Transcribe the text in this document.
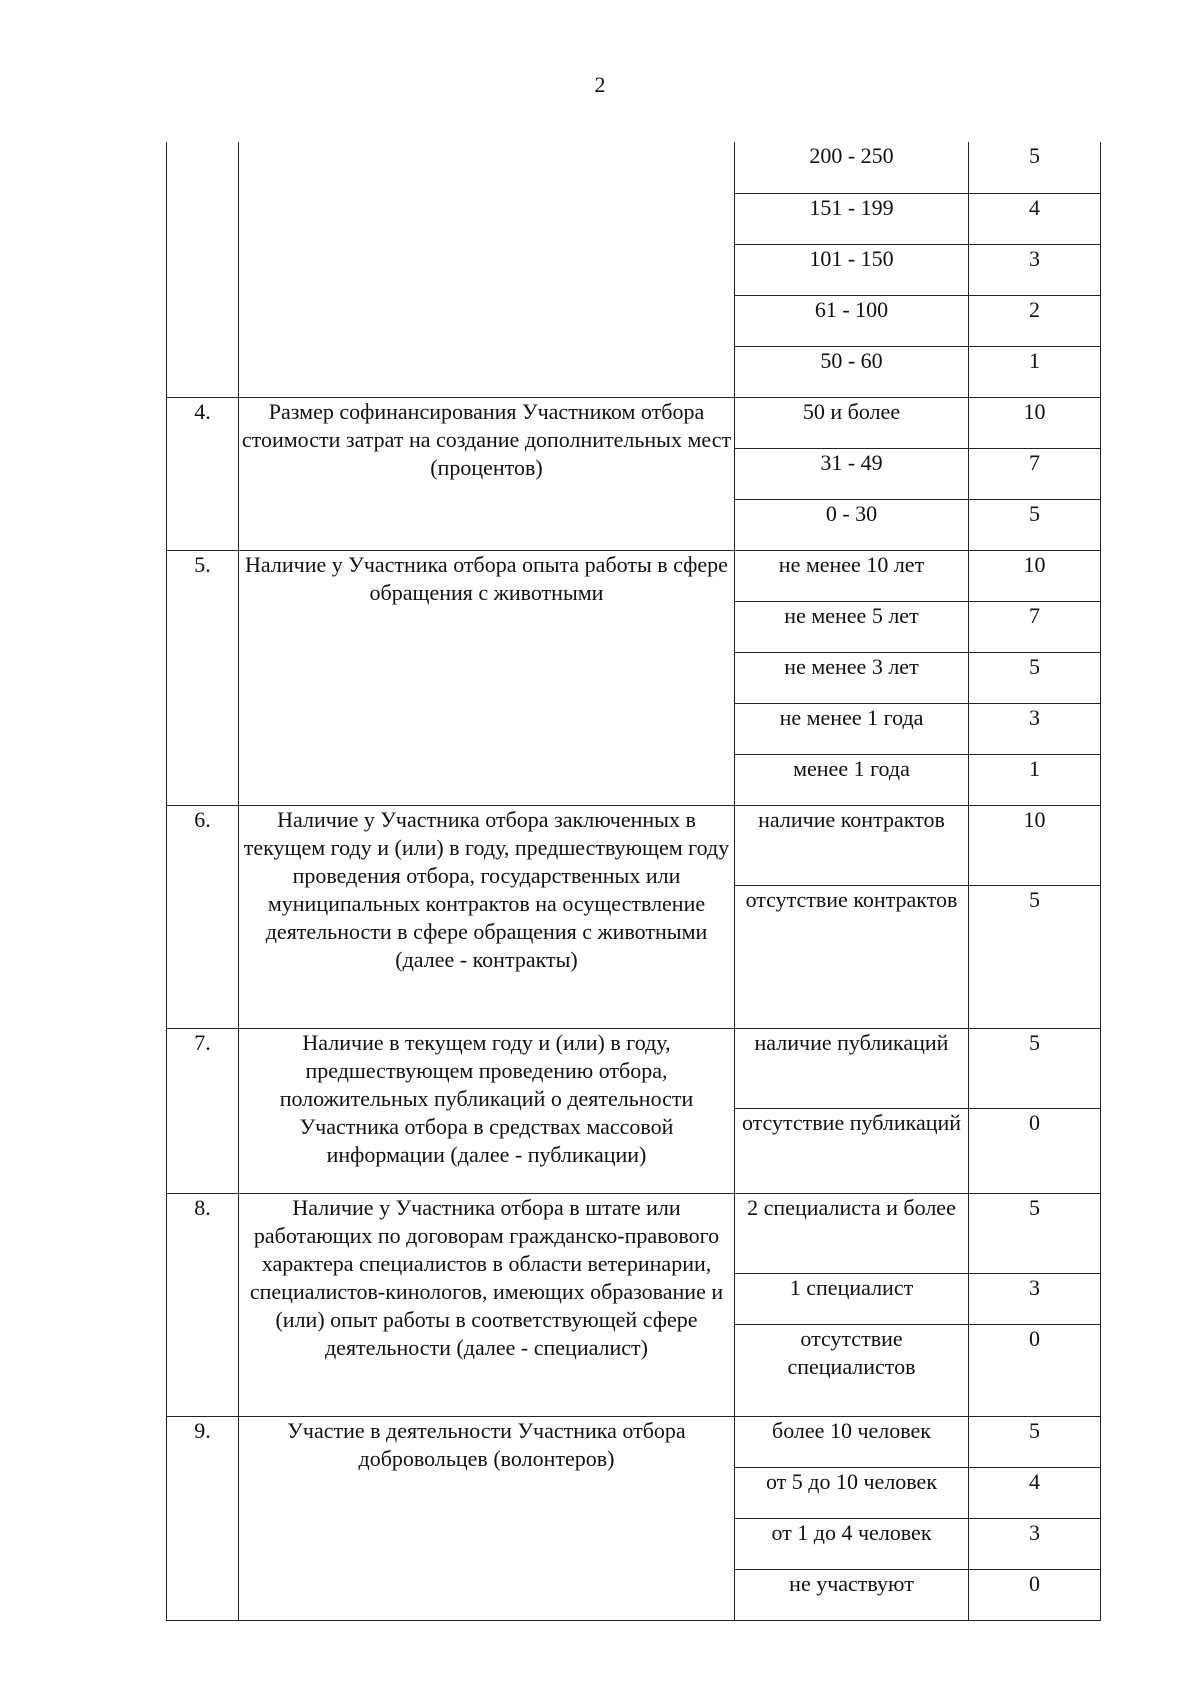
2
		200 - 250	5
		151 - 199	4
		101 - 150	3
		61 - 100	2
		50 - 60	1
4.	Размер софинансирования Участником отбора стоимости затрат на создание дополнительных мест (процентов)	50 и более	10
		31 - 49	7
		0 - 30	5
5.	Наличие у Участника отбора опыта работы в сфере обращения с животными	не менее 10 лет	10
		не менее 5 лет	7
		не менее 3 лет	5
		не менее 1 года	3
		менее 1 года	1
6.	Наличие у Участника отбора заключенных в текущем году и (или) в году, предшествующем году проведения отбора, государственных или муниципальных контрактов на осуществление деятельности в сфере обращения с животными (далее - контракты)	наличие контрактов	10
		отсутствие контрактов	5
7.	Наличие в текущем году и (или) в году, предшествующем проведению отбора, положительных публикаций о деятельности Участника отбора в средствах массовой информации (далее - публикации)	наличие публикаций	5
		отсутствие публикаций	0
8.	Наличие у Участника отбора в штате или работающих по договорам гражданско-правового характера специалистов в области ветеринарии, специалистов-кинологов, имеющих образование и (или) опыт работы в соответствующей сфере деятельности (далее - специалист)	2 специалиста и более	5
		1 специалист	3
		отсутствие специалистов	0
9.	Участие в деятельности Участника отбора добровольцев (волонтеров)	более 10 человек	5
		от 5 до 10 человек	4
		от 1 до 4 человек	3
		не участвуют	0
